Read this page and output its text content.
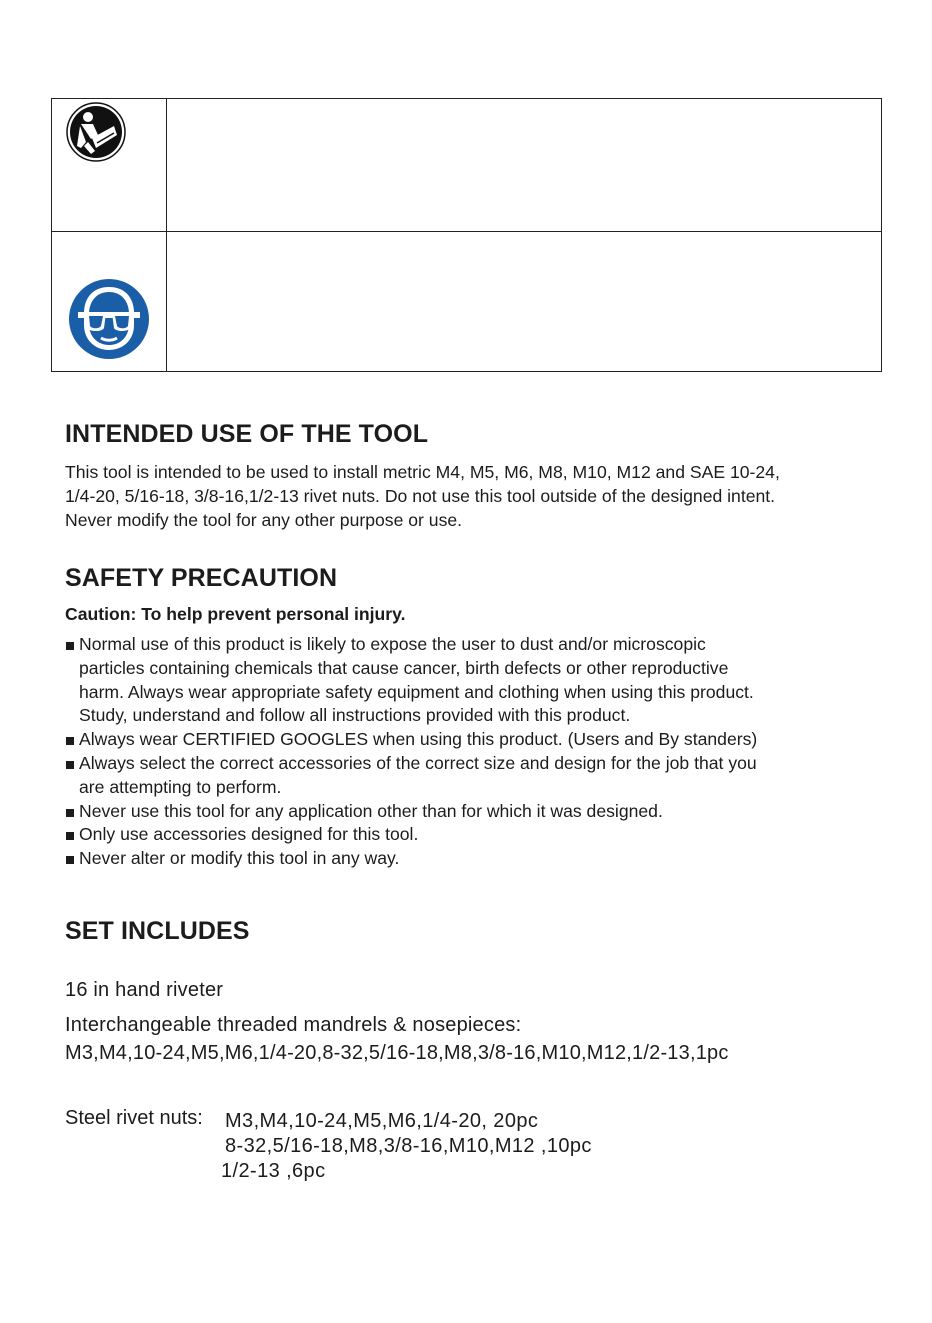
INTENDED USE OF THE TOOL

This tool is intended to be used to install metric M4, M5, M6, M8, M10, M12 and SAE 10-24,
1/4-20, 5/16-18, 3/8-16,1/2-13 rivet nuts. Do not use this tool outside of the designed intent.
Never modify the tool for any other purpose or use.

SAFETY PRECAUTION

Caution: To help prevent personal injury.

Normal use of this product is likely to expose the user to dust and/or microscopic
particles containing chemicals that cause cancer, birth defects or other reproductive
harm. Always wear appropriate safety equipment and clothing when using this product.
Study, understand and follow all instructions provided with this product.
Always wear CERTIFIED GOOGLES when using this product. (Users and By standers)
Always select the correct accessories of the correct size and design for the job that you
are attempting to perform.
Never use this tool for any application other than for which it was designed.
Only use accessories designed for this tool.
Never alter or modify this tool in any way.
SET INCLUDES
16 in hand riveter
Interchangeable threaded mandrels & nosepieces:
M3,M4,10-24,M5,M6,1/4-20,8-32,5/16-18,M8,3/8-16,M10,M12,1/2-13,1pc
Steel rivet nuts: M3,M4,10-24,M5,M6,1/4-20, 20pc
8-32,5/16-18,M8,3/8-16,M10,M12 ,10pc
1/2-13 ,6pc
